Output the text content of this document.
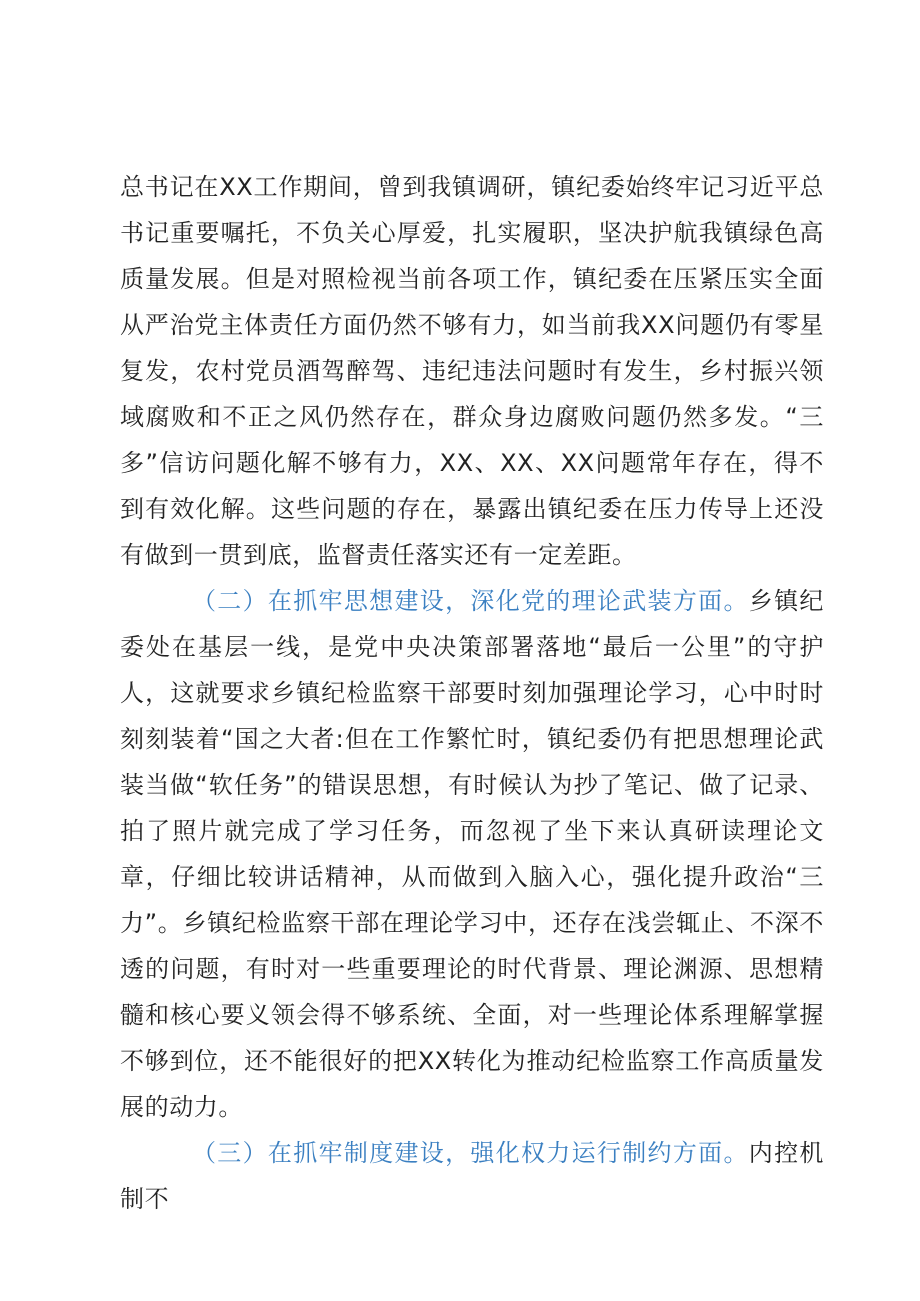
总书记在XX工作期间，曾到我镇调研，镇纪委始终牢记习近平总书记重要嘱托，不负关心厚爱，扎实履职，坚决护航我镇绿色高质量发展。但是对照检视当前各项工作，镇纪委在压紧压实全面从严治党主体责任方面仍然不够有力，如当前我XX问题仍有零星复发，农村党员酒驾醉驾、违纪违法问题时有发生，乡村振兴领域腐败和不正之风仍然存在，群众身边腐败问题仍然多发。“三多”信访问题化解不够有力，XX、XX、XX问题常年存在，得不到有效化解。这些问题的存在，暴露出镇纪委在压力传导上还没有做到一贯到底，监督责任落实还有一定差距。

（二）在抓牢思想建设，深化党的理论武装方面。乡镇纪委处在基层一线，是党中央决策部署落地“最后一公里”的守护人，这就要求乡镇纪检监察干部要时刻加强理论学习，心中时时刻刻装着“国之大者:但在工作繁忙时，镇纪委仍有把思想理论武装当做“软任务”的错误思想，有时候认为抄了笔记、做了记录、拍了照片就完成了学习任务，而忽视了坐下来认真研读理论文章，仔细比较讲话精神，从而做到入脑入心，强化提升政治“三力”。乡镇纪检监察干部在理论学习中，还存在浅尝辄止、不深不透的问题，有时对一些重要理论的时代背景、理论渊源、思想精髓和核心要义领会得不够系统、全面，对一些理论体系理解掌握不够到位，还不能很好的把XX转化为推动纪检监察工作高质量发展的动力。

（三）在抓牢制度建设，强化权力运行制约方面。内控机制不
